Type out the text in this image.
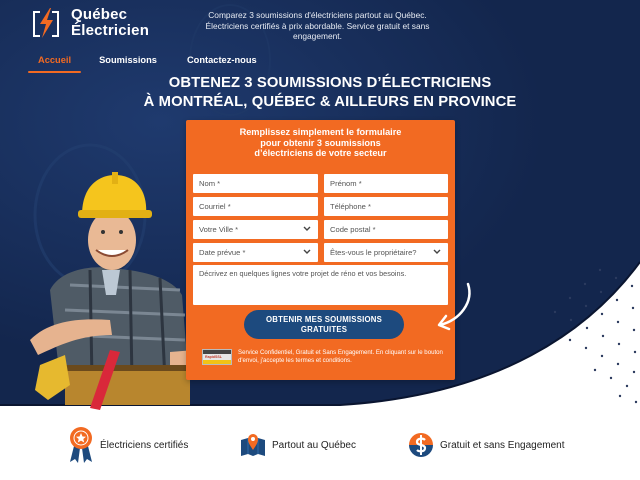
Québec
Électricien
Comparez 3 soumissions d'électriciens partout au Québec. Électriciens certifiés à prix abordable. Service gratuit et sans engagement.
Accueil	Soumissions	Contactez-nous
OBTENEZ 3 SOUMISSIONS D’ÉLECTRICIENS
À MONTRÉAL, QUÉBEC & AILLEURS EN PROVINCE
Remplissez simplement le formulaire
pour obtenir 3 soumissions
d’électriciens de votre secteur
Nom *	Prénom *
Courriel *	Téléphone *
Votre Ville *	Code postal *
Date prévue *	Êtes-vous le propriétaire?
Décrivez en quelques lignes votre projet de réno et vos besoins.
OBTENIR MES SOUMISSIONS
GRATUITES
RapidSSL
Service Confidentiel, Gratuit et Sans Engagement. En cliquant sur le bouton d'envoi, j'accepte les termes et conditions.
Électriciens certifiés	Partout au Québec	Gratuit et sans Engagement
